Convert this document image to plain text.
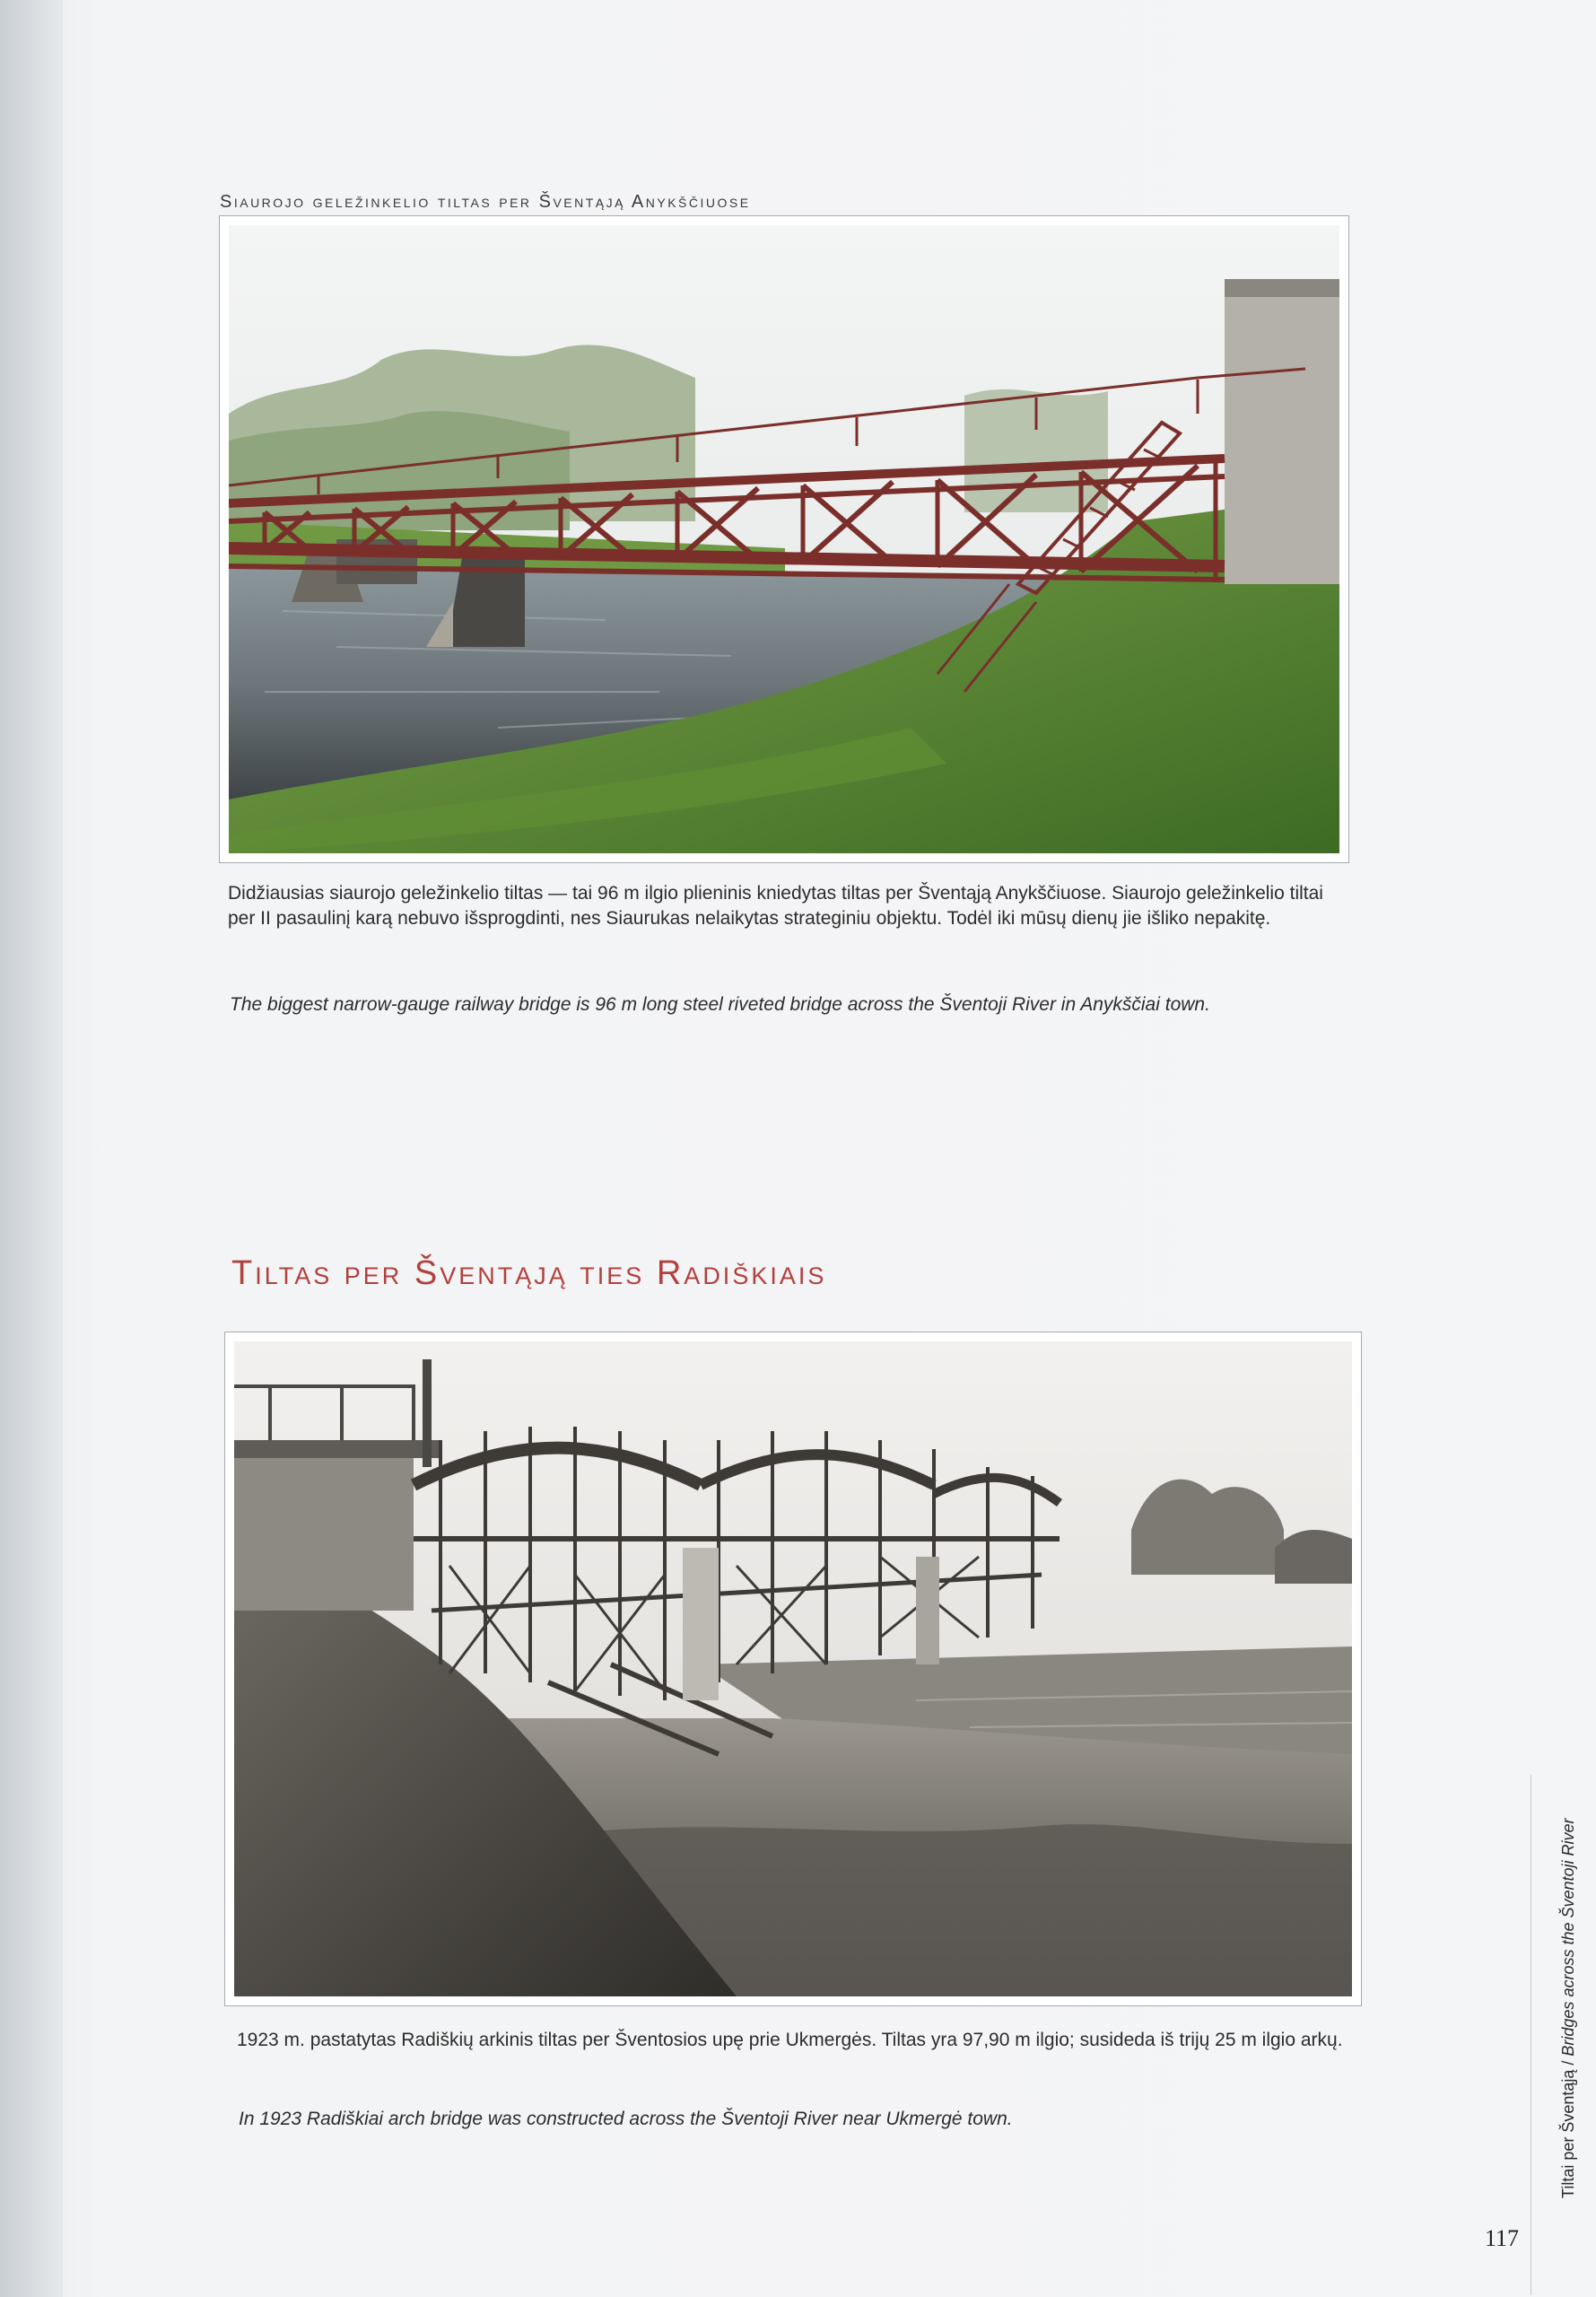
Siaurojo geležinkelio tiltas per Šventąją Anykščiuose
Didžiausias siaurojo geležinkelio tiltas — tai 96 m ilgio plieninis kniedytas tiltas per Šventąją Anykščiuose. Siaurojo geležinkelio tiltai per II pasaulinį karą nebuvo išsprogdinti, nes Siaurukas nelaikytas strateginiu objektu. Todėl iki mūsų dienų jie išliko nepakitę.
The biggest narrow-gauge railway bridge is 96 m long steel riveted bridge across the Šventoji River in Anykščiai town.
Tiltas per Šventąją ties Radiškiais
1923 m. pastatytas Radiškių arkinis tiltas per Šventosios upę prie Ukmergės. Tiltas yra 97,90 m ilgio; susideda iš trijų 25 m ilgio arkų.
In 1923 Radiškiai arch bridge was constructed across the Šventoji River near Ukmergė town.	Tiltai per Šventąją / Bridges across the Šventoji River
117
